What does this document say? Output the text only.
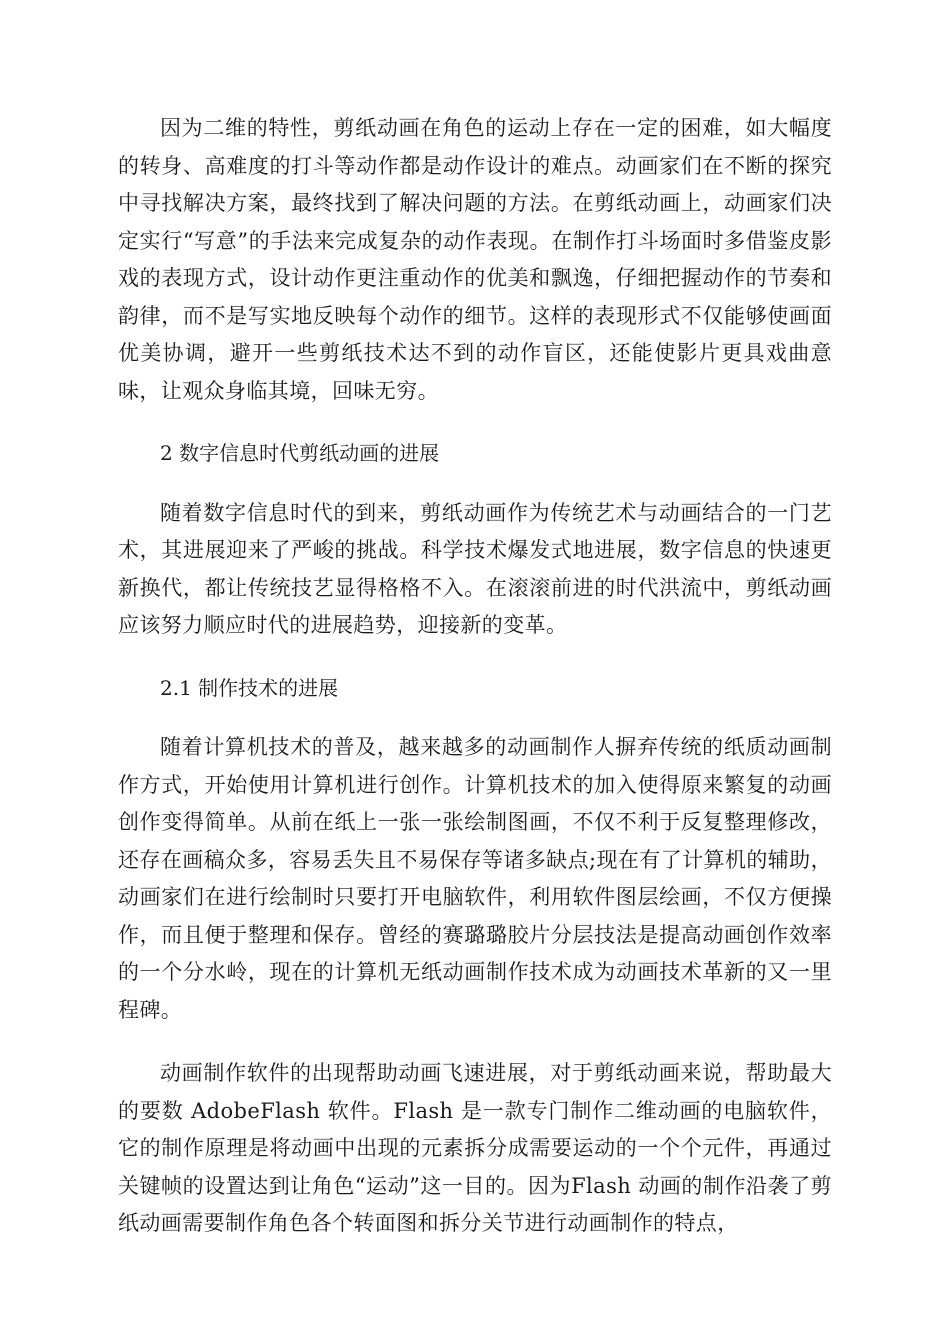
因为二维的特性，剪纸动画在角色的运动上存在一定的困难，如大幅度的转身、高难度的打斗等动作都是动作设计的难点。动画家们在不断的探究中寻找解决方案，最终找到了解决问题的方法。在剪纸动画上，动画家们决定实行“写意”的手法来完成复杂的动作表现。在制作打斗场面时多借鉴皮影戏的表现方式，设计动作更注重动作的优美和飘逸，仔细把握动作的节奏和韵律，而不是写实地反映每个动作的细节。这样的表现形式不仅能够使画面优美协调，避开一些剪纸技术达不到的动作盲区，还能使影片更具戏曲意味，让观众身临其境，回味无穷。

2 数字信息时代剪纸动画的进展

随着数字信息时代的到来，剪纸动画作为传统艺术与动画结合的一门艺术，其进展迎来了严峻的挑战。科学技术爆发式地进展，数字信息的快速更新换代，都让传统技艺显得格格不入。在滚滚前进的时代洪流中，剪纸动画应该努力顺应时代的进展趋势，迎接新的变革。

2.1 制作技术的进展

随着计算机技术的普及，越来越多的动画制作人摒弃传统的纸质动画制作方式，开始使用计算机进行创作。计算机技术的加入使得原来繁复的动画创作变得简单。从前在纸上一张一张绘制图画，不仅不利于反复整理修改，还存在画稿众多，容易丢失且不易保存等诸多缺点;现在有了计算机的辅助，动画家们在进行绘制时只要打开电脑软件，利用软件图层绘画，不仅方便操作，而且便于整理和保存。曾经的赛璐璐胶片分层技法是提高动画创作效率的一个分水岭，现在的计算机无纸动画制作技术成为动画技术革新的又一里程碑。

动画制作软件的出现帮助动画飞速进展，对于剪纸动画来说，帮助最大的要数 AdobeFlash 软件。Flash 是一款专门制作二维动画的电脑软件，它的制作原理是将动画中出现的元素拆分成需要运动的一个个元件，再通过关键帧的设置达到让角色“运动”这一目的。因为Flash 动画的制作沿袭了剪纸动画需要制作角色各个转面图和拆分关节进行动画制作的特点，
